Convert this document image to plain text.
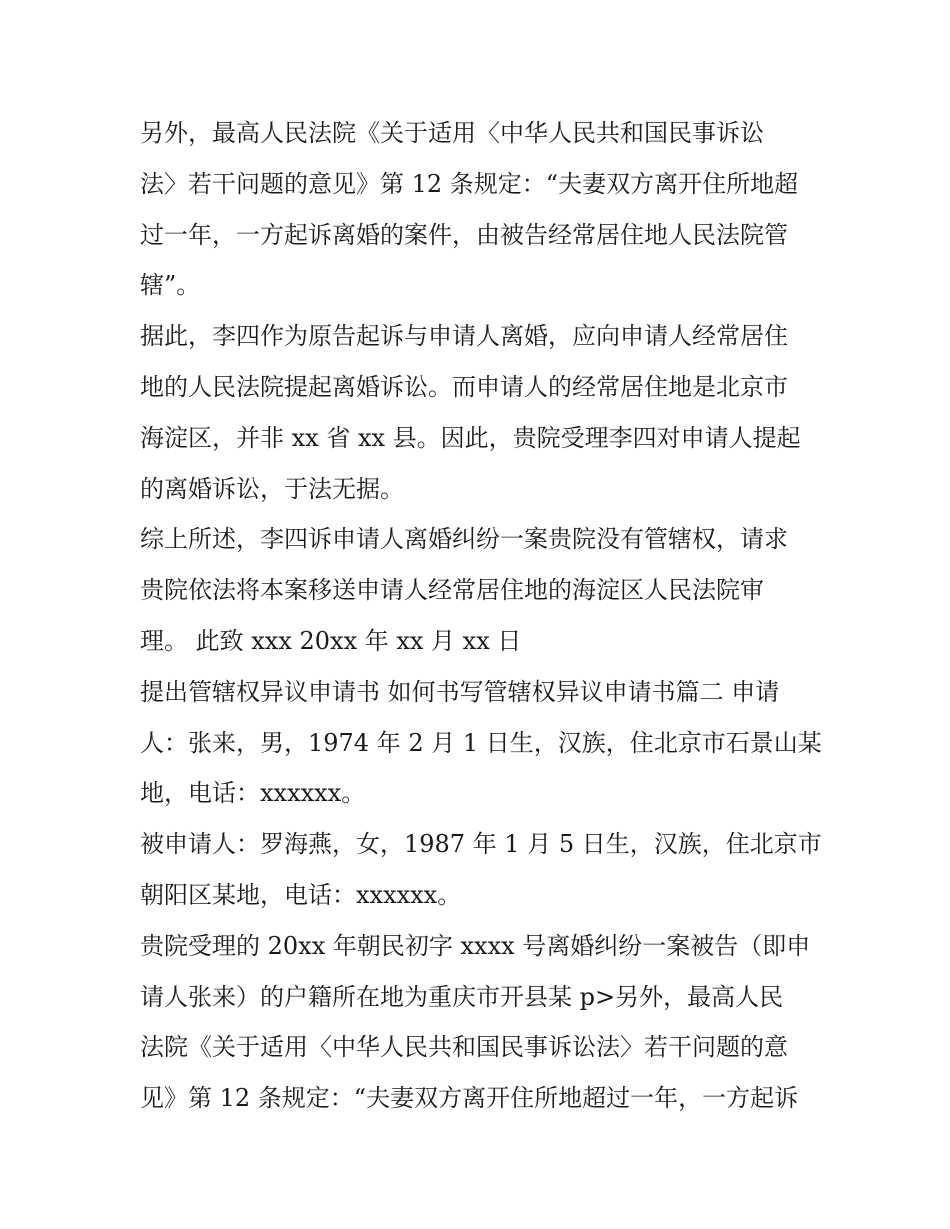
另外，最高人民法院《关于适用〈中华人民共和国民事诉讼
法〉若干问题的意见》第 12 条规定：“夫妻双方离开住所地超
过一年，一方起诉离婚的案件，由被告经常居住地人民法院管
辖”。
据此，李四作为原告起诉与申请人离婚，应向申请人经常居住
地的人民法院提起离婚诉讼。而申请人的经常居住地是北京市
海淀区，并非 xx 省 xx 县。因此，贵院受理李四对申请人提起
的离婚诉讼，于法无据。
综上所述，李四诉申请人离婚纠纷一案贵院没有管辖权，请求
贵院依法将本案移送申请人经常居住地的海淀区人民法院审
理。 此致 xxx 20xx 年 xx 月 xx 日
提出管辖权异议申请书 如何书写管辖权异议申请书篇二 申请
人：张来，男，1974 年 2 月 1 日生，汉族，住北京市石景山某
地，电话：xxxxxx。
被申请人：罗海燕，女，1987 年 1 月 5 日生，汉族，住北京市
朝阳区某地，电话：xxxxxx。
贵院受理的 20xx 年朝民初字 xxxx 号离婚纠纷一案被告（即申
请人张来）的户籍所在地为重庆市开县某 p>另外，最高人民
法院《关于适用〈中华人民共和国民事诉讼法〉若干问题的意
见》第 12 条规定：“夫妻双方离开住所地超过一年，一方起诉
